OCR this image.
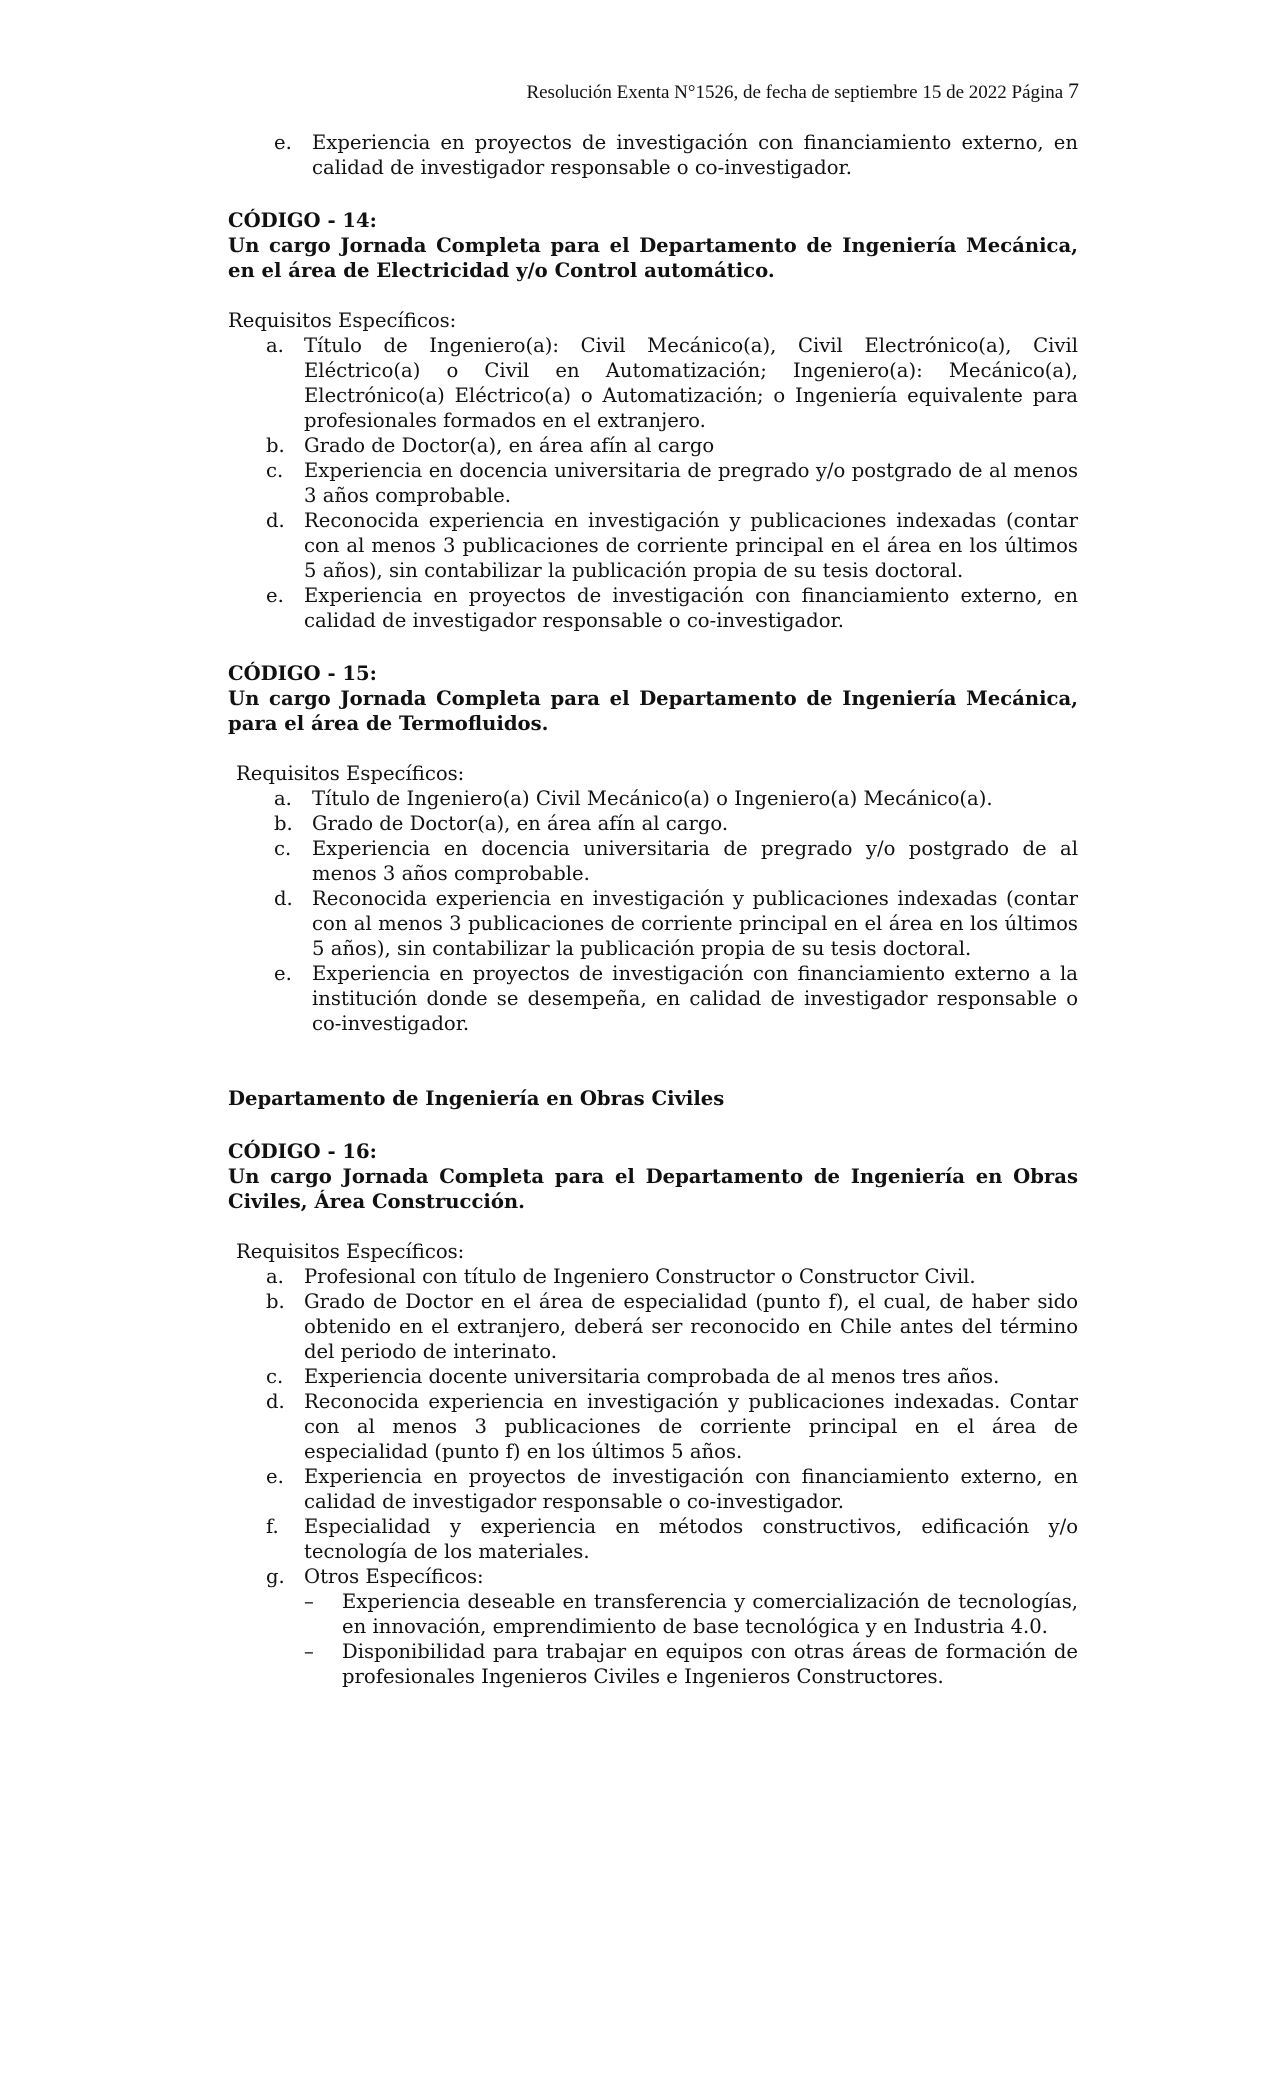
Resolución Exenta N°1526, de fecha de septiembre 15 de 2022 Página 7
e.	Experiencia en proyectos de investigación con financiamiento externo, en calidad de investigador responsable o co-investigador.

CÓDIGO - 14:

Un cargo Jornada Completa para el Departamento de Ingeniería Mecánica, en el área de Electricidad y/o Control automático.

Requisitos Específicos:

a.	Título de Ingeniero(a): Civil Mecánico(a), Civil Electrónico(a), Civil Eléctrico(a) o Civil en Automatización; Ingeniero(a): Mecánico(a), Electrónico(a) Eléctrico(a) o Automatización; o Ingeniería equivalente para profesionales formados en el extranjero.
b. Grado de Doctor(a), en área afín al cargo
c.	Experiencia en docencia universitaria de pregrado y/o postgrado de al menos 3 años comprobable.
d. Reconocida experiencia en investigación y publicaciones indexadas (contar con al menos 3 publicaciones de corriente principal en el área en los últimos 5 años), sin contabilizar la publicación propia de su tesis doctoral.
e.	Experiencia en proyectos de investigación con financiamiento externo, en calidad de investigador responsable o co-investigador.

CÓDIGO - 15:

Un cargo Jornada Completa para el Departamento de Ingeniería Mecánica, para el área de Termofluidos.

Requisitos Específicos:

a.	Título de Ingeniero(a) Civil Mecánico(a) o Ingeniero(a) Mecánico(a).
b. Grado de Doctor(a), en área afín al cargo.
c.	Experiencia en docencia universitaria de pregrado y/o postgrado de al menos 3 años comprobable.
d. Reconocida experiencia en investigación y publicaciones indexadas (contar con al menos 3 publicaciones de corriente principal en el área en los últimos 5 años), sin contabilizar la publicación propia de su tesis doctoral.
e.	Experiencia en proyectos de investigación con financiamiento externo a la institución donde se desempeña, en calidad de investigador responsable o co-investigador.

Departamento de Ingeniería en Obras Civiles

CÓDIGO - 16:

Un cargo Jornada Completa para el Departamento de Ingeniería en Obras Civiles, Área Construcción.

Requisitos Específicos:

a.	Profesional con título de Ingeniero Constructor o Constructor Civil.
b. Grado de Doctor en el área de especialidad (punto f), el cual, de haber sido obtenido en el extranjero, deberá ser reconocido en Chile antes del término del periodo de interinato.
c.	Experiencia docente universitaria comprobada de al menos tres años.
d. Reconocida experiencia en investigación y publicaciones indexadas. Contar con al menos 3 publicaciones de corriente principal en el área de especialidad (punto f) en los últimos 5 años.
e.	Experiencia en proyectos de investigación con financiamiento externo, en calidad de investigador responsable o co-investigador.
f.	Especialidad y experiencia en métodos constructivos, edificación y/o tecnología de los materiales.
g. Otros Específicos:
– Experiencia deseable en transferencia y comercialización de tecnologías, en innovación, emprendimiento de base tecnológica y en Industria 4.0.
– Disponibilidad para trabajar en equipos con otras áreas de formación de profesionales Ingenieros Civiles e Ingenieros Constructores.
